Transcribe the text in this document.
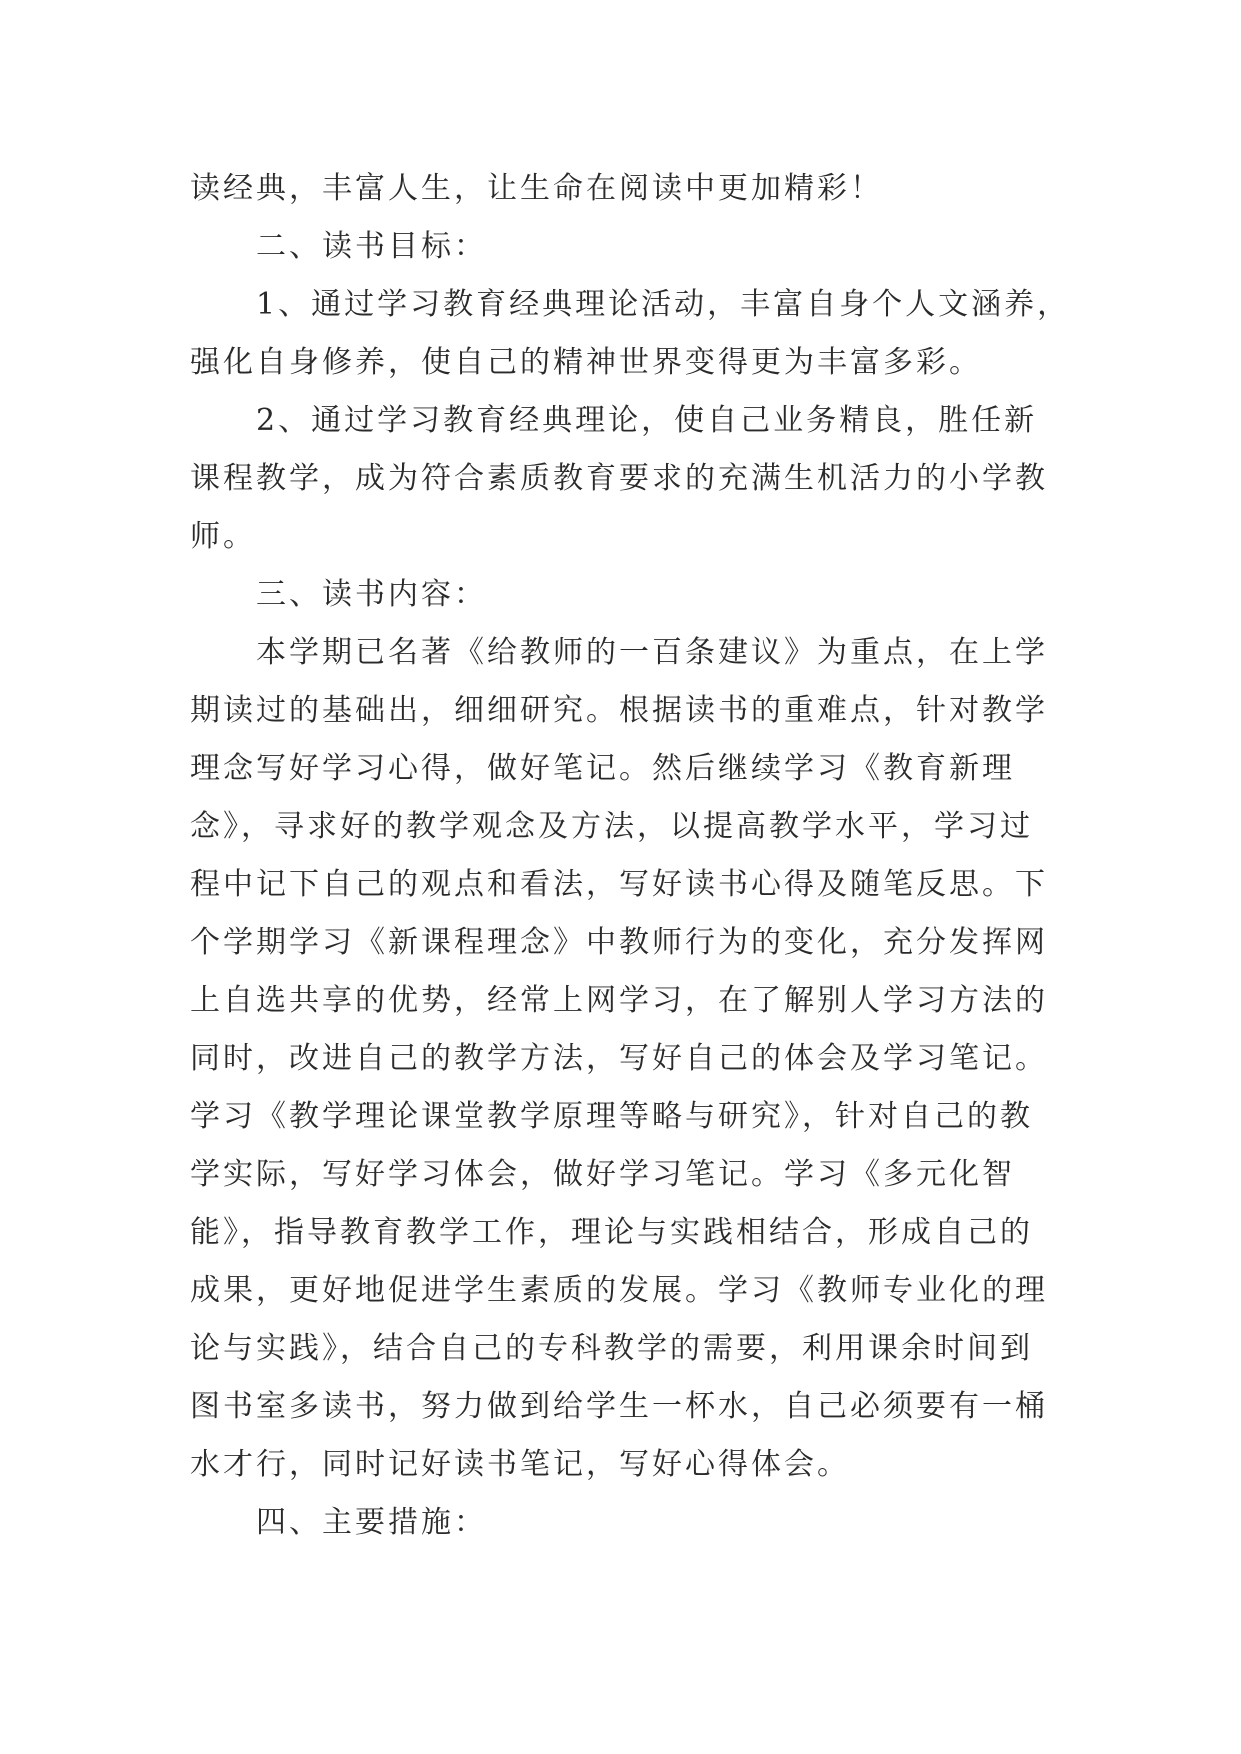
读经典，丰富人生，让生命在阅读中更加精彩！
二、读书目标：
1、通过学习教育经典理论活动，丰富自身个人文涵养，
强化自身修养，使自己的精神世界变得更为丰富多彩。
2、通过学习教育经典理论，使自己业务精良，胜任新
课程教学，成为符合素质教育要求的充满生机活力的小学教
师。
三、读书内容：
本学期已名著《给教师的一百条建议》为重点，在上学
期读过的基础出，细细研究。根据读书的重难点，针对教学
理念写好学习心得，做好笔记。然后继续学习《教育新理
念》，寻求好的教学观念及方法，以提高教学水平，学习过
程中记下自己的观点和看法，写好读书心得及随笔反思。下
个学期学习《新课程理念》中教师行为的变化，充分发挥网
上自选共享的优势，经常上网学习，在了解别人学习方法的
同时，改进自己的教学方法，写好自己的体会及学习笔记。
学习《教学理论课堂教学原理等略与研究》，针对自己的教
学实际，写好学习体会，做好学习笔记。学习《多元化智
能》，指导教育教学工作，理论与实践相结合，形成自己的
成果，更好地促进学生素质的发展。学习《教师专业化的理
论与实践》，结合自己的专科教学的需要，利用课余时间到
图书室多读书，努力做到给学生一杯水，自己必须要有一桶
水才行，同时记好读书笔记，写好心得体会。
四、主要措施：
